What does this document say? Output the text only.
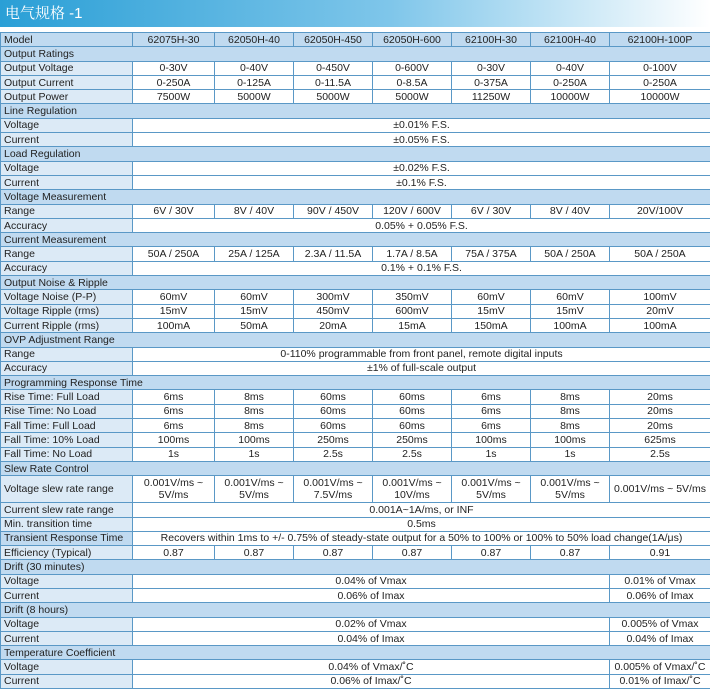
电气规格 -1
Model	62075H-30	62050H-40	62050H-450	62050H-600	62100H-30	62100H-40	62100H-100P
Output Ratings							
Output Voltage	0-30V	0-40V	0-450V	0-600V	0-30V	0-40V	0-100V
Output Current	0-250A	0-125A	0-11.5A	0-8.5A	0-375A	0-250A	0-250A
Output Power	7500W	5000W	5000W	5000W	11250W	10000W	10000W
Line Regulation							
Voltage	±0.01% F.S.						
Current	±0.05% F.S.						
Load Regulation							
Voltage	±0.02% F.S.						
Current	±0.1% F.S.						
Voltage Measurement							
Range	6V / 30V	8V / 40V	90V / 450V	120V / 600V	6V / 30V	8V / 40V	20V/100V
Accuracy	0.05% + 0.05% F.S.						
Current Measurement							
Range	50A / 250A	25A / 125A	2.3A / 11.5A	1.7A / 8.5A	75A / 375A	50A / 250A	50A / 250A
Accuracy	0.1% + 0.1% F.S.						
Output Noise & Ripple							
Voltage Noise (P-P)	60mV	60mV	300mV	350mV	60mV	60mV	100mV
Voltage Ripple (rms)	15mV	15mV	450mV	600mV	15mV	15mV	20mV
Current Ripple (rms)	100mA	50mA	20mA	15mA	150mA	100mA	100mA
OVP Adjustment Range							
Range	0-110% programmable from front panel, remote digital inputs						
Accuracy	±1% of full-scale output						
Programming Response Time							
Rise Time: Full Load	6ms	8ms	60ms	60ms	6ms	8ms	20ms
Rise Time: No Load	6ms	8ms	60ms	60ms	6ms	8ms	20ms
Fall Time: Full Load	6ms	8ms	60ms	60ms	6ms	8ms	20ms
Fall Time: 10% Load	100ms	100ms	250ms	250ms	100ms	100ms	625ms
Fall Time: No Load	1s	1s	2.5s	2.5s	1s	1s	2.5s
Slew Rate Control							
Voltage slew rate range	0.001V/ms ~ 5V/ms	0.001V/ms ~ 5V/ms	0.001V/ms ~ 7.5V/ms	0.001V/ms ~ 10V/ms	0.001V/ms ~ 5V/ms	0.001V/ms ~ 5V/ms	0.001V/ms ~ 5V/ms
Current slew rate range	0.001A~1A/ms, or INF						
Min. transition time	0.5ms						
Transient Response Time	Recovers within 1ms to +/- 0.75% of steady-state output for a 50% to 100% or 100% to 50% load change(1A/μs)						
Efficiency (Typical)	0.87	0.87	0.87	0.87	0.87	0.87	0.91
Drift (30 minutes)							
Voltage	0.04% of Vmax						0.01% of Vmax
Current	0.06% of Imax						0.06% of Imax
Drift (8 hours)							
Voltage	0.02% of Vmax						0.005% of Vmax
Current	0.04% of Imax						0.04% of Imax
Temperature Coefficient							
Voltage	0.04% of Vmax/˚C						0.005% of Vmax/˚C
Current	0.06% of Imax/˚C						0.01% of Imax/˚C
